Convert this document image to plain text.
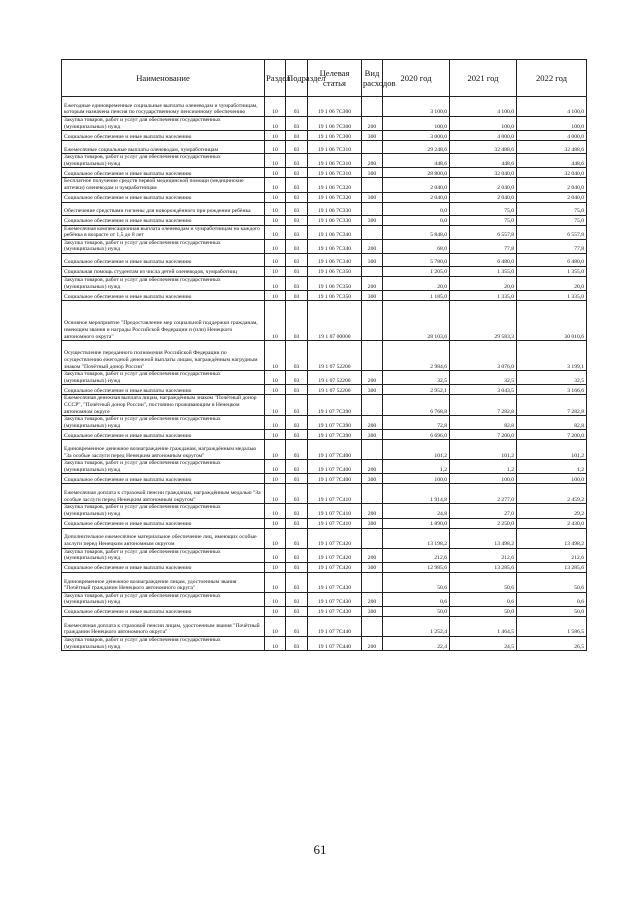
Наименование	Раздел	Подраздел	Целевая статья	Вид расходов	2020 год	2021 год	2022 год
Ежегодные единовременные социальные выплаты оленеводам и чумработницам, которым назначена пенсия по государственному пенсионному обеспечению	10	03	19 1 06 7С300		3 100,0	4 100,0	4 100,0
Закупка товаров, работ и услуг для обеспечения государственных (муниципальных) нужд	10	03	19 1 06 7С300	200	100,0	100,0	100,0
Социальное обеспечение и иные выплаты населению	10	03	19 1 06 7С300	300	3 000,0	4 000,0	4 000,0
Ежемесячные социальные выплаты оленеводам, чумработницам	10	03	19 1 06 7С310		29 248,6	32 488,6	32 488,6
Закупка товаров, работ и услуг для обеспечения государственных (муниципальных) нужд	10	03	19 1 06 7С310	200	448,6	448,6	448,6
Социальное обеспечение и иные выплаты населению	10	03	19 1 06 7С310	300	28 800,0	32 040,0	32 040,0
Бесплатное получение средств первой медицинской помощи (медицинские аптечки) оленеводам и чумработницам	10	03	19 1 06 7С320		2 040,0	2 040,0	2 040,0
Социальное обеспечение и иные выплаты населению	10	03	19 1 06 7С320	300	2 040,0	2 040,0	2 040,0
Обеспечение средствами гигиены для новорождённого при рождении ребёнка	10	03	19 1 06 7С330		0,0	75,0	75,0
Социальное обеспечение и иные выплаты населению	10	03	19 1 06 7С330	300	0,0	75,0	75,0
Ежемесячная компенсационная выплата оленеводам и чумработницам на каждого ребёнка в возрасте от 1,5 до 8 лет	10	03	19 1 06 7С340		5 848,0	6 557,8	6 557,8
Закупка товаров, работ и услуг для обеспечения государственных (муниципальных) нужд	10	03	19 1 06 7С340	200	68,0	77,8	77,8
Социальное обеспечение и иные выплаты населению	10	03	19 1 06 7С340	300	5 780,0	6 480,0	6 480,0
Социальная помощь студентам из числа детей оленеводов, чумработниц	10	03	19 1 06 7С350		1 205,0	1 355,0	1 355,0
Закупка товаров, работ и услуг для обеспечения государственных (муниципальных) нужд	10	03	19 1 06 7С350	200	20,0	20,0	20,0
Социальное обеспечение и иные выплаты населению	10	03	19 1 06 7С350	300	1 185,0	1 335,0	1 335,0
Основное мероприятие "Предоставление мер социальной поддержки гражданам, имеющим звания и награды Российской Федерации и (или) Ненецкого автономного округа"	10	03	19 1 07 00000		28 103,6	29 583,3	30 010,6
Осуществление переданного полномочия Российской Федерации по осуществлению ежегодной денежной выплаты лицам, награждённым нагрудным знаком "Почётный донор России"	10	03	19 1 07 52200		2 984,6	3 076,0	3 199,1
Закупка товаров, работ и услуг для обеспечения государственных (муниципальных) нужд	10	03	19 1 07 52200	200	32,5	32,5	32,5
Социальное обеспечение и иные выплаты населению	10	03	19 1 07 52200	300	2 952,1	3 043,5	3 166,6
Ежемесячная денежная выплата лицам, награждённым знаком "Почётный донор СССР", "Почётный донор России", постоянно проживающим в Ненецком автономном округе	10	03	19 1 07 7С390		6 768,8	7 282,8	7 282,8
Закупка товаров, работ и услуг для обеспечения государственных (муниципальных) нужд	10	03	19 1 07 7С390	200	72,8	82,8	82,8
Социальное обеспечение и иные выплаты населению	10	03	19 1 07 7С390	300	6 696,0	7 200,0	7 200,0
Единовременное денежное вознаграждение гражданам, награждённым медалью "За особые заслуги перед Ненецким автономным округом"	10	03	19 1 07 7С400		101,2	101,2	101,2
Закупка товаров, работ и услуг для обеспечения государственных (муниципальных) нужд	10	03	19 1 07 7С400	200	1,2	1,2	1,2
Социальное обеспечение и иные выплаты населению	10	03	19 1 07 7С400	300	100,0	100,0	100,0
Ежемесячная доплата к страховой пенсии гражданам, награждённым медалью "За особые заслуги перед Ненецким автономным округом"	10	03	19 1 07 7С410		1 914,8	2 277,0	2 459,2
Закупка товаров, работ и услуг для обеспечения государственных (муниципальных) нужд	10	03	19 1 07 7С410	200	24,8	27,0	29,2
Социальное обеспечение и иные выплаты населению	10	03	19 1 07 7С410	300	1 890,0	2 250,0	2 430,0
Дополнительное ежемесячное материальное обеспечение лиц, имеющих особые заслуги перед Ненецким автономным округом	10	03	19 1 07 7С420		13 198,2	13 498,2	13 498,2
Закупка товаров, работ и услуг для обеспечения государственных (муниципальных) нужд	10	03	19 1 07 7С420	200	212,6	212,6	212,6
Социальное обеспечение и иные выплаты населению	10	03	19 1 07 7С420	300	12 985,6	13 285,6	13 285,6
Единовременное денежное вознаграждение лицам, удостоенным звания "Почётный гражданин Ненецкого автономного округа"	10	03	19 1 07 7С430		50,6	50,6	50,6
Закупка товаров, работ и услуг для обеспечения государственных (муниципальных) нужд	10	03	19 1 07 7С430	200	0,6	0,6	0,6
Социальное обеспечение и иные выплаты населению	10	03	19 1 07 7С430	300	50,0	50,0	50,0
Ежемесячная доплата к страховой пенсии лицам, удостоенным звания "Почётный гражданин Ненецкого автономного округа"	10	03	19 1 07 7С440		1 252,4	1 464,5	1 586,5
Закупка товаров, работ и услуг для обеспечения государственных (муниципальных) нужд	10	03	19 1 07 7С440	200	22,4	24,5	26,5
61
